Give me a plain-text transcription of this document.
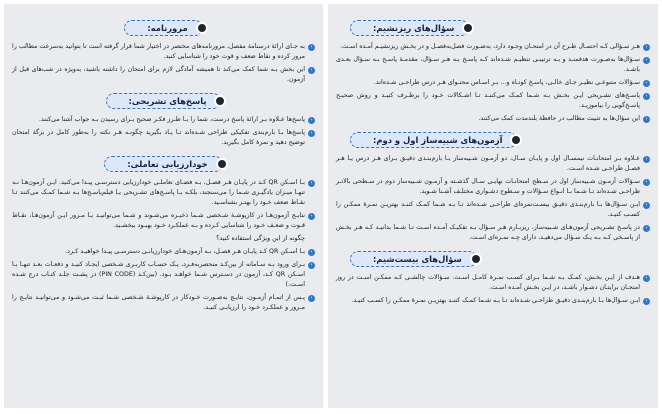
مرورنامه:

›
به جـای ارائهٔ درسنامهٔ مفصل، مرورنامه‌های مختصر در اختیار شما قرار گرفته است تا بتوانید به‌سرعت مطالب را مرور کرده و نقاط ضعف و قوت خود را شناسایی کنید.

›
این بخش بـه شما کمک می‌کند تا همیشه آمادگی لازم برای امتحان را داشته باشید، به‌ویژه در شب‌های قبل از آزمون.

پاسخ‌های تشریحی:

›
پاسخ‌ها عـلاوه بـر ارائهٔ پاسخ درست، شما را بـا طـرز فکـر صحیح بـرای رسیدن بـه جواب آشنا می‌کنند.

›
پاسخ‌ها بـا بارم‌بندی تفکیکی طراحی شـده‌اند تـا یـاد بگیرید چگونـه هـر نکته را به‌طور کامل در برگهٔ امتحان توضیح دهید و نمرهٔ کامل بگیرید.

خودارزیابی تعاملی:

›
بـا اسـکن QR کـد در پایـان هـر فصـل، بـه فضـای تعاملـی خودارزیابی دسترسـی پیـدا می‌کنید. ایـن آزمون‌هـا نـه تنهـا میـزان یادگیـری شـما را می‌سنجند، بلکـه بـا پاسـخ‌های تشـریحی یـا فیلم‌پاسـخ‌ها بـه شـما کمـک می‌کنند تـا نقـاط ضعف خـود را بهتـر بشناسـید.

›
نتایـج آزمون‌هـا در کارپوشـهٔ شـخصی شـما ذخیـره می‌شـوند و شـما می‌توانیـد بـا مـرور ایـن آزمون‌هـا، نقـاط قـوت و ضعـف خـود را شناسایی کـرده و بـه عملکـرد خـود بهبـود ببخشـید.

چگونه از این ویژگی استفاده کنید؟

›
بـا اسـکن QR کـد پایـان هـر فصـل، بـه آزمون‌هـای خودارزیابـی دسترسـی پیـدا خواهیـد کـرد.

›
بـرای ورود بـه سـامانه از بین‌کـد منحصربه‌فـرد، یـک حسـاب کاربـری شـخصی ایجـاد کنیـد و دفعـات بعـد تنهـا بـا اسـکن QR کـد، آزمون در دسـترس شـما خواهـد بـود. (بین‌کـد (PIN CODE) در پشـت جلـد کتـاب درج شـده اسـت.)

›
پـس از اتمـام آزمـون، نتایـج به‌صـورت خـودکار در کارپوشـهٔ شـخصی شـما ثبـت می‌شـود و می‌توانیـد نتایـج را مـرور و عملکـرد خـود را ارزیابـی کنیـد.

سؤال‌های ریزنشیم:

›
هـر سـؤالی کـه احتمـال طـرح آن در امتحـان وجـود دارد، به‌صـورت فصل‌به‌فصـل و در بخـش ریزنشیـم آمـده اسـت.

›
سـؤال‌ها به‌صـورت هدفمنـد و بـه ترتیبـی تنظیـم شـده‌اند کـه پاسـخ بـه هـر سـؤال، مقدمـهٔ پاسـخ بـه سـؤال بعـدی باشـد.

›
سـؤالات متنوعـی نظیـر جـای خالـی، پاسـخ کوتـاه و... بـر اسـاس محتـوای هـر درس طراحـی شـده‌اند.

›
پاسـخ‌های تشـریحی ایـن بخـش بـه شـما کمـک می‌کننـد تـا اشـکالات خـود را برطـرف کنیـد و روش صحیـح پاسـخ‌گویی را بیاموزیـد.

›
این سؤال‌ها به تثبیت مطالب در حافظهٔ بلندمدت کمک می‌کنند.

آزمون‌های شبیه‌ساز اول و دوم:

›
عـلاوه بـر امتحانـات نیمسـال اول و پایـان سـال، دو آزمـون شـبیه‌ساز بـا بارم‌بنـدی دقیـق بـرای هـر درس یـا هـر فصـل طراحـی شـده اسـت.

›
سـؤالات آزمـون شـبیه‌ساز اول در سـطح امتحانـات نهایـی سـال گذشـته و آزمـون شـبیه‌ساز دوم در سـطحی بالاتـر طراحـی شـده‌اند تـا شـما بـا انـواع سـؤالات و سـطوح دشـواری مختلـف آشـنا شـوید.

›
ایـن سـؤال‌ها بـا بارم‌بنـدی دقیـق بیسـت‌نمره‌ای طراحـی شـده‌اند تـا بـه شـما کمـک کننـد بهتریـن نمـرهٔ ممکـن را کسـب کنیـد.

›
در پاسـخ تشـریحی آزمون‌هـای شـبیه‌ساز، ریزبـارم هـر سـؤال بـه تفکیـک آمـده اسـت تـا شـما بدانیـد کـه هـر بخـش از پاسـخی کـه بـه یـک سـؤال می‌دهیـد، دارای چـه نمـره‌ای اسـت.

سؤال‌های بیست‌شیم:

›
هـدف از ایـن بخـش، کمـک بـه شـما بـرای کسـب نمـرهٔ کامـل اسـت. سـؤالات چالشـی کـه ممکـن اسـت در روز امتحـان برایتـان دشـوار باشـد، در ایـن بخـش آمـده اسـت.

›
ایـن سـؤال‌ها بـا بارم‌بنـدی دقیـق طراحـی شـده‌اند تـا بـه شـما کمـک کننـد بهتریـن نمـرهٔ ممکـن را کسـب کنیـد.
